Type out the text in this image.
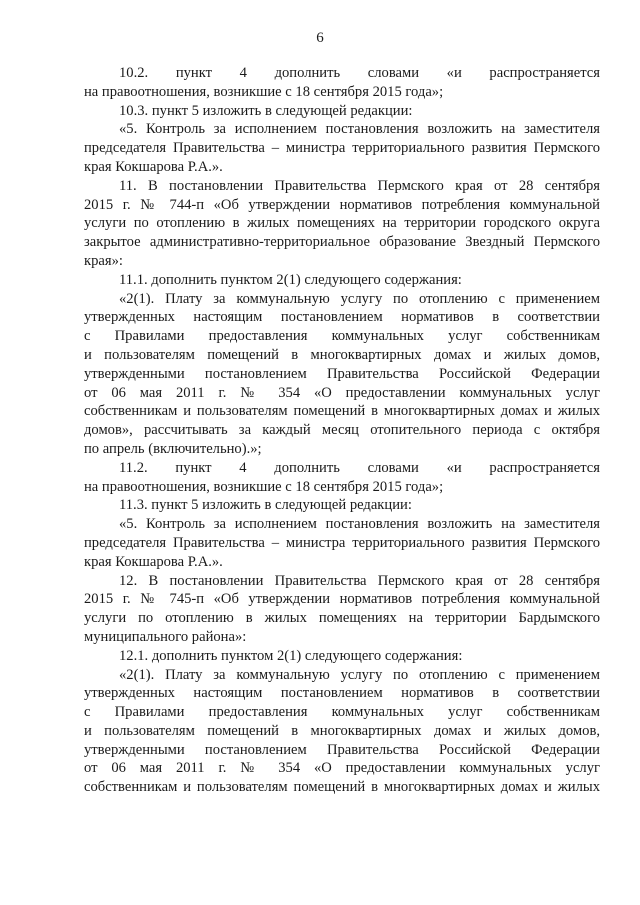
6
10.2. пункт 4 дополнить словами «и распространяется
на правоотношения, возникшие с 18 сентября 2015 года»;
10.3. пункт 5 изложить в следующей редакции:
«5. Контроль за исполнением постановления возложить на заместителя
председателя Правительства – министра территориального развития Пермского
края Кокшарова Р.А.».
11. В постановлении Правительства Пермского края от 28 сентября
2015 г. № 744-п «Об утверждении нормативов потребления коммунальной
услуги по отоплению в жилых помещениях на территории городского округа
закрытое административно-территориальное образование Звездный Пермского
края»:
11.1. дополнить пунктом 2(1) следующего содержания:
«2(1). Плату за коммунальную услугу по отоплению с применением
утвержденных настоящим постановлением нормативов в соответствии
с Правилами предоставления коммунальных услуг собственникам
и пользователям помещений в многоквартирных домах и жилых домов,
утвержденными постановлением Правительства Российской Федерации
от 06 мая 2011 г. № 354 «О предоставлении коммунальных услуг
собственникам и пользователям помещений в многоквартирных домах и жилых
домов», рассчитывать за каждый месяц отопительного периода с октября
по апрель (включительно).»;
11.2. пункт 4 дополнить словами «и распространяется
на правоотношения, возникшие с 18 сентября 2015 года»;
11.3. пункт 5 изложить в следующей редакции:
«5. Контроль за исполнением постановления возложить на заместителя
председателя Правительства – министра территориального развития Пермского
края Кокшарова Р.А.».
12. В постановлении Правительства Пермского края от 28 сентября
2015 г. № 745-п «Об утверждении нормативов потребления коммунальной
услуги по отоплению в жилых помещениях на территории Бардымского
муниципального района»:
12.1. дополнить пунктом 2(1) следующего содержания:
«2(1). Плату за коммунальную услугу по отоплению с применением
утвержденных настоящим постановлением нормативов в соответствии
с Правилами предоставления коммунальных услуг собственникам
и пользователям помещений в многоквартирных домах и жилых домов,
утвержденными постановлением Правительства Российской Федерации
от 06 мая 2011 г. № 354 «О предоставлении коммунальных услуг
собственникам и пользователям помещений в многоквартирных домах и жилых
